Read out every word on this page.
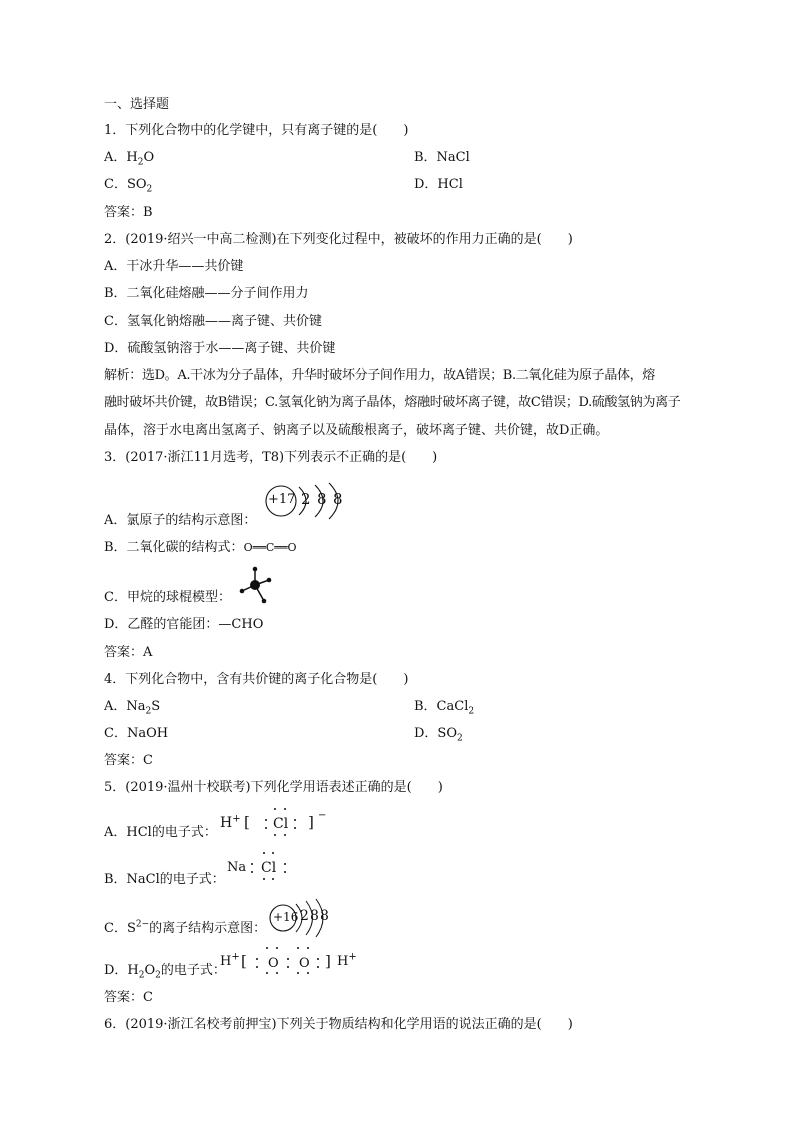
一、选择题
1．下列化合物中的化学键中，只有离子键的是(　　)
A．$H_2O$	B．NaCl
C．$SO_2$	D．HCl
答案：B
2．(2019·绍兴一中高二检测)在下列变化过程中，被破坏的作用力正确的是(　　)
A．干冰升华——共价键
B．二氧化硅熔融——分子间作用力
C．氢氧化钠熔融——离子键、共价键
D．硫酸氢钠溶于水——离子键、共价键
解析：选D。A.干冰为分子晶体，升华时破坏分子间作用力，故A错误；B.二氧化硅为原子晶体，熔
融时破坏共价键，故B错误；C.氢氧化钠为离子晶体，熔融时破坏离子键，故C错误；D.硫酸氢钠为离子
晶体，溶于水电离出氢离子、钠离子以及硫酸根离子，破坏离子键、共价键，故D正确。
3．(2017·浙江11月选考，T8)下列表示不正确的是(　　)
+17 2 8 8
A．氯原子的结构示意图：
B．二氧化碳的结构式：O══C══O
C．甲烷的球棍模型：
D．乙醛的官能团：—CHO
答案：A
4．下列化合物中，含有共价键的离子化合物是(　　)
A．$Na_2S$	B．CaCl$_2$
C．NaOH	D．$SO_2$
答案：C
5．(2019·温州十校联考)下列化学用语表述正确的是(　　)
H+ [ Cl ] −
A．HCl的电子式：
Na Cl
B．NaCl的电子式：
+16 2 8 8
C．$S^{2-}$的离子结构示意图：
H+ [ O O ] H+
D．$H_2O_2$的电子式：
答案：C
6．(2019·浙江名校考前押宝)下列关于物质结构和化学用语的说法正确的是(　　)
